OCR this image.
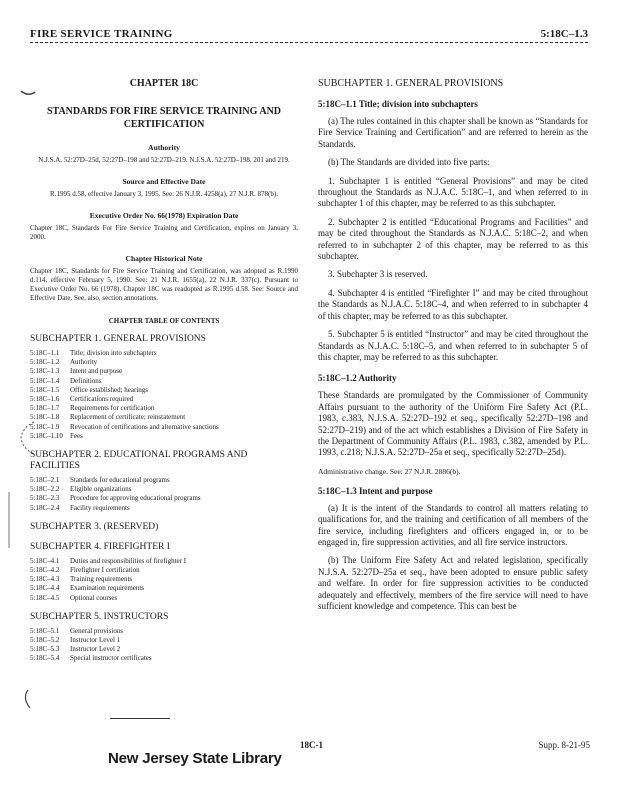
FIRE SERVICE TRAINING	5:18C–1.3
CHAPTER 18C
STANDARDS FOR FIRE SERVICE TRAINING AND CERTIFICATION
Authority
N.J.S.A. 52:27D–25d, 52:27D–198 and 52:27D–219. N.J.S.A. 52:27D–198. 201 and 219.
Source and Effective Date
R.1995 d.58, effective January 3, 1995. See: 26 N.J.R. 4258(a), 27 N.J.R. 878(b).
Executive Order No. 66(1978) Expiration Date
Chapter 18C, Standards For Fire Service Training and Certification, expires on January 3, 2000.
Chapter Historical Note
Chapter 18C, Standards for Fire Service Training and Certification, was adopted as R.1990 d.114, effective February 5, 1990. See: 21 N.J.R. 1655(a), 22 N.J.R. 337(c). Pursuant to Executive Order No. 66 (1978), Chapter 18C was readopted as R.1995 d.58. See: Source and Effective Date. See, also, section annotations.
CHAPTER TABLE OF CONTENTS
SUBCHAPTER 1. GENERAL PROVISIONS
5:18C–1.1	Title; division into subchapters
5:18C–1.2	Authority
5:18C–1.3	Intent and purpose
5:18C–1.4	Definitions
5:18C–1.5	Office established; hearings
5:18C–1.6	Certifications required
5:18C–1.7	Requirements for certification
5:18C–1.8	Replacement of certificate; reinstatement
5:18C–1.9	Revocation of certifications and alternative sanctions
5:18C–1.10	Fees
SUBCHAPTER 2. EDUCATIONAL PROGRAMS AND FACILITIES
5:18C–2.1	Standards for educational programs
5:18C–2.2	Eligible organizations
5:18C–2.3	Procedure for approving educational programs
5:18C–2.4	Facility requirements
SUBCHAPTER 3. (RESERVED)
SUBCHAPTER 4. FIREFIGHTER I
5:18C–4.1	Duties and responsibilities of firefighter I
5:18C–4.2	Firefighter I certification
5:18C–4.3	Training requirements
5:18C–4.4	Examination requirements
5:18C–4.5	Optional courses
SUBCHAPTER 5. INSTRUCTORS
5:18C–5.1	General provisions
5:18C–5.2	Instructor Level 1
5:18C–5.3	Instructor Level 2
5:18C–5.4	Special instructor certificates
SUBCHAPTER 1. GENERAL PROVISIONS
5:18C–1.1 Title; division into subchapters
(a) The rules contained in this chapter shall be known as “Standards for Fire Service Training and Certification” and are referred to herein as the Standards.
(b) The Standards are divided into five parts:
1. Subchapter 1 is entitled “General Provisions” and may be cited throughout the Standards as N.J.A.C. 5:18C–1, and when referred to in subchapter 1 of this chapter, may be referred to as this subchapter.
2. Subchapter 2 is entitled “Educational Programs and Facilities” and may be cited throughout the Standards as N.J.A.C. 5:18C–2, and when referred to in subchapter 2 of this chapter, may be referred to as this subchapter.
3. Subchapter 3 is reserved.
4. Subchapter 4 is entitled “Firefighter I” and may be cited throughout the Standards as N.J.A.C. 5:18C–4, and when referred to in subchapter 4 of this chapter, may be referred to as this subchapter.
5. Subchapter 5 is entitled “Instructor” and may be cited throughout the Standards as N.J.A.C. 5:18C–5, and when referred to in subchapter 5 of this chapter, may be referred to as this subchapter.
5:18C–1.2 Authority
These Standards are promulgated by the Commissioner of Community Affairs pursuant to the authority of the Uniform Fire Safety Act (P.L. 1983, c.383, N.J.S.A. 52:27D–192 et seq., specifically 52:27D–198 and 52:27D–219) and of the act which establishes a Division of Fire Safety in the Department of Community Affairs (P.L. 1983, c.382, amended by P.L. 1993, c.218; N.J.S.A. 52:27D–25a et seq., specifically 52:27D–25d).
Administrative change. See: 27 N.J.R. 2886(b).
5:18C–1.3 Intent and purpose
(a) It is the intent of the Standards to control all matters relating to qualifications for, and the training and certification of all members of the fire service, including firefighters and officers engaged in, or to be engaged in, fire suppression activities, and all fire service instructors.
(b) The Uniform Fire Safety Act and related legislation, specifically N.J.S.A. 52:27D–25a et seq., have been adopted to ensure public safety and welfare. In order for fire suppression activities to be conducted adequately and effectively, members of the fire service will need to have sufficient knowledge and competence. This can best be
New Jersey State Library
18C-1	Supp. 8-21-95
